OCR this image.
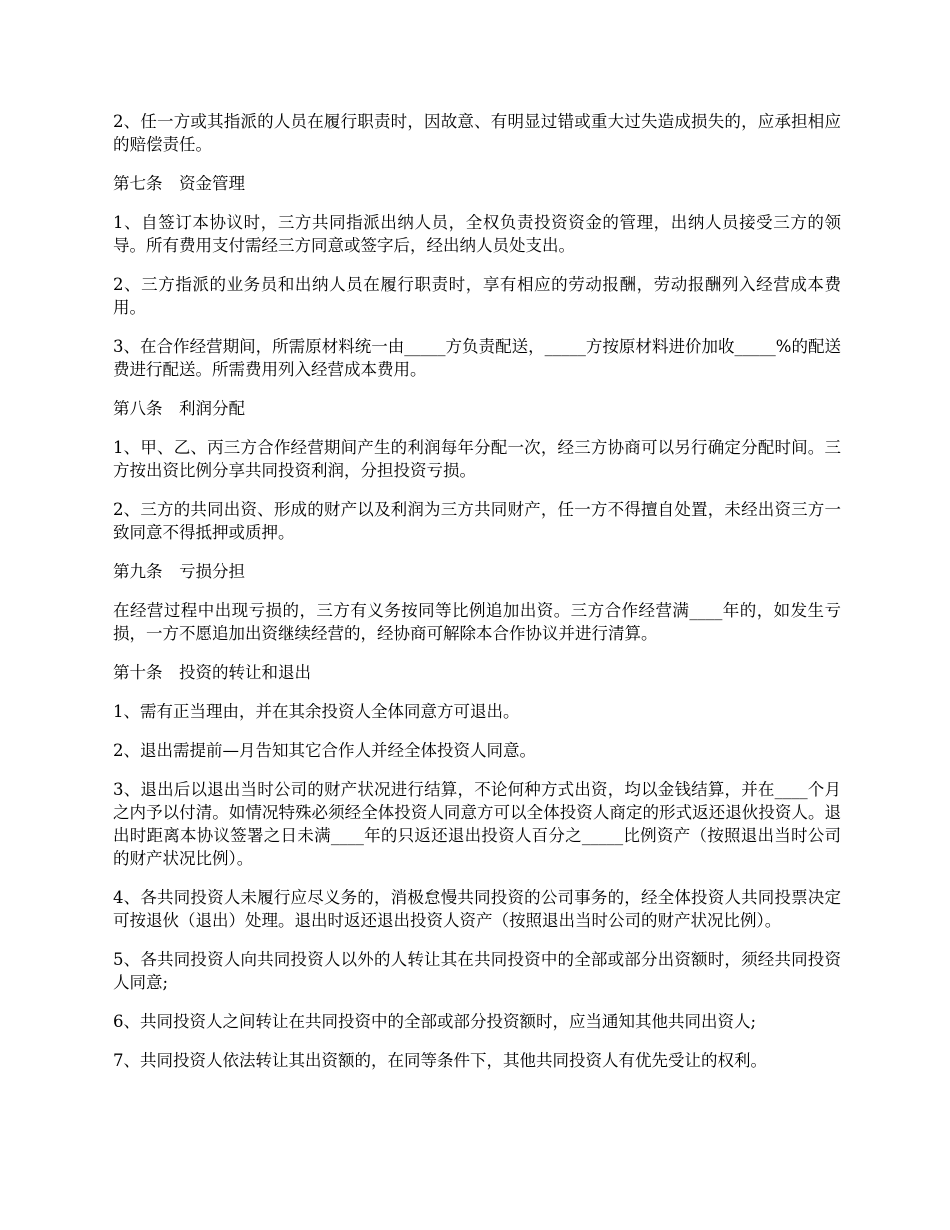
2、任一方或其指派的人员在履行职责时，因故意、有明显过错或重大过失造成损失的，应承担相应的赔偿责任。

第七条　资金管理

1、自签订本协议时，三方共同指派出纳人员，全权负责投资资金的管理，出纳人员接受三方的领导。所有费用支付需经三方同意或签字后，经出纳人员处支出。

2、三方指派的业务员和出纳人员在履行职责时，享有相应的劳动报酬，劳动报酬列入经营成本费用。

3、在合作经营期间，所需原材料统一由_____方负责配送，_____方按原材料进价加收_____%的配送费进行配送。所需费用列入经营成本费用。

第八条　利润分配

1、甲、乙、丙三方合作经营期间产生的利润每年分配一次，经三方协商可以另行确定分配时间。三方按出资比例分享共同投资利润，分担投资亏损。

2、三方的共同出资、形成的财产以及利润为三方共同财产，任一方不得擅自处置，未经出资三方一致同意不得抵押或质押。

第九条　亏损分担

在经营过程中出现亏损的，三方有义务按同等比例追加出资。三方合作经营满____年的，如发生亏损，一方不愿追加出资继续经营的，经协商可解除本合作协议并进行清算。

第十条　投资的转让和退出

1、需有正当理由，并在其余投资人全体同意方可退出。

2、退出需提前—月告知其它合作人并经全体投资人同意。

3、退出后以退出当时公司的财产状况进行结算，不论何种方式出资，均以金钱结算，并在____个月之内予以付清。如情况特殊必须经全体投资人同意方可以全体投资人商定的形式返还退伙投资人。退出时距离本协议签署之日未满____年的只返还退出投资人百分之_____比例资产（按照退出当时公司的财产状况比例）。

4、各共同投资人未履行应尽义务的，消极怠慢共同投资的公司事务的，经全体投资人共同投票决定可按退伙（退出）处理。退出时返还退出投资人资产（按照退出当时公司的财产状况比例）。

5、各共同投资人向共同投资人以外的人转让其在共同投资中的全部或部分出资额时，须经共同投资人同意;

6、共同投资人之间转让在共同投资中的全部或部分投资额时，应当通知其他共同出资人;

7、共同投资人依法转让其出资额的，在同等条件下，其他共同投资人有优先受让的权利。
